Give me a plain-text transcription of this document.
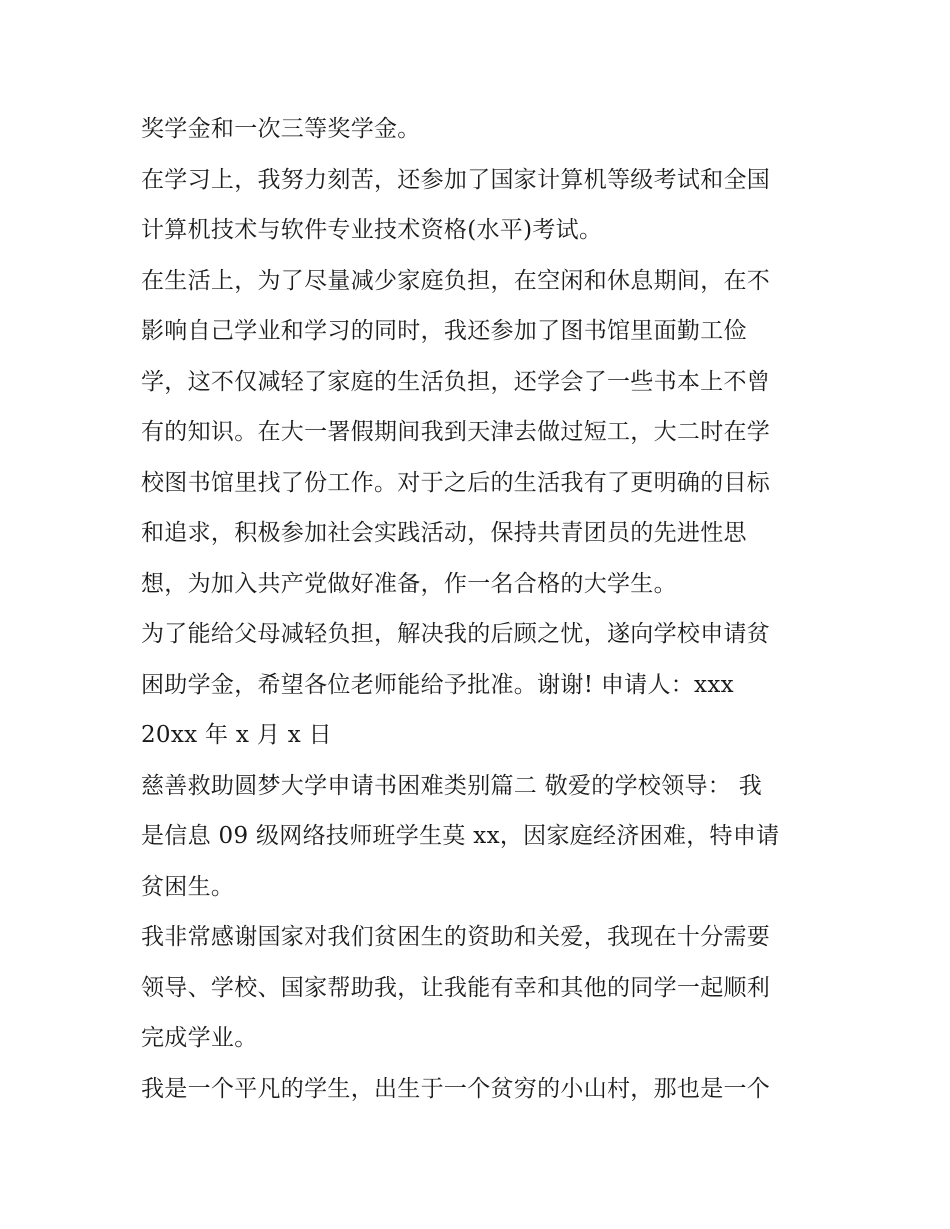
奖学金和一次三等奖学金。
在学习上，我努力刻苦，还参加了国家计算机等级考试和全国
计算机技术与软件专业技术资格(水平)考试。
在生活上，为了尽量减少家庭负担，在空闲和休息期间，在不
影响自己学业和学习的同时，我还参加了图书馆里面勤工俭
学，这不仅减轻了家庭的生活负担，还学会了一些书本上不曾
有的知识。在大一署假期间我到天津去做过短工，大二时在学
校图书馆里找了份工作。对于之后的生活我有了更明确的目标
和追求，积极参加社会实践活动，保持共青团员的先进性思
想，为加入共产党做好准备，作一名合格的大学生。
为了能给父母减轻负担，解决我的后顾之忧，遂向学校申请贫
困助学金，希望各位老师能给予批准。谢谢! 申请人：xxx
20xx 年 x 月 x 日
慈善救助圆梦大学申请书困难类别篇二 敬爱的学校领导： 我
是信息 09 级网络技师班学生莫 xx，因家庭经济困难，特申请
贫困生。
我非常感谢国家对我们贫困生的资助和关爱，我现在十分需要
领导、学校、国家帮助我，让我能有幸和其他的同学一起顺利
完成学业。
我是一个平凡的学生，出生于一个贫穷的小山村，那也是一个
